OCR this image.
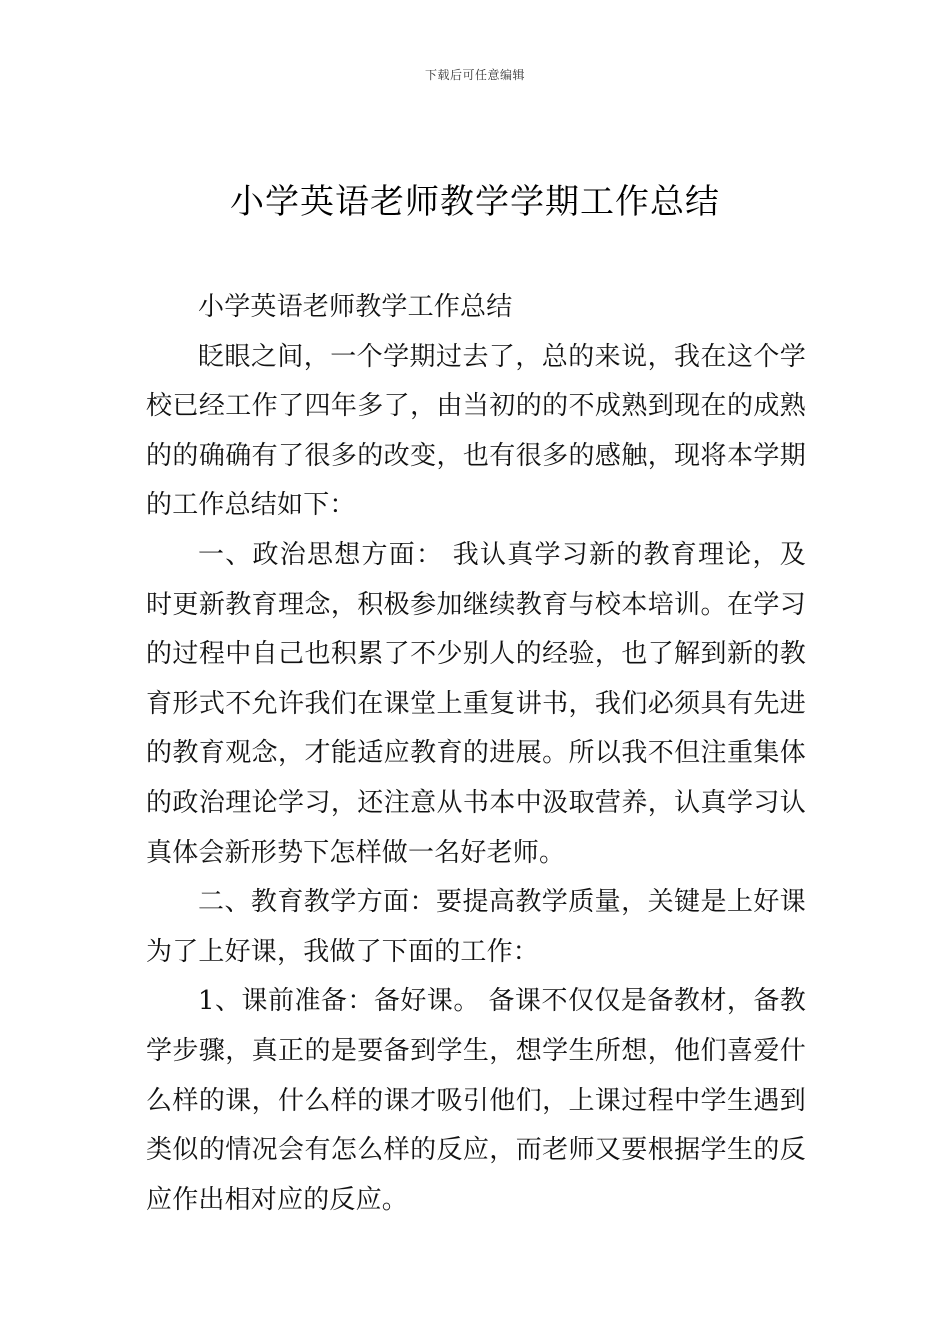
下载后可任意编辑
小学英语老师教学学期工作总结

小学英语老师教学工作总结

眨眼之间，一个学期过去了，总的来说，我在这个学校已经工作了四年多了，由当初的的不成熟到现在的成熟的的确确有了很多的改变，也有很多的感触，现将本学期的工作总结如下：

一、政治思想方面： 我认真学习新的教育理论，及时更新教育理念，积极参加继续教育与校本培训。在学习的过程中自己也积累了不少别人的经验，也了解到新的教育形式不允许我们在课堂上重复讲书，我们必须具有先进的教育观念，才能适应教育的进展。所以我不但注重集体的政治理论学习，还注意从书本中汲取营养，认真学习认真体会新形势下怎样做一名好老师。

二、教育教学方面：要提高教学质量，关键是上好课为了上好课，我做了下面的工作：

1、课前准备：备好课。 备课不仅仅是备教材，备教学步骤，真正的是要备到学生，想学生所想，他们喜爱什么样的课，什么样的课才吸引他们，上课过程中学生遇到类似的情况会有怎么样的反应，而老师又要根据学生的反应作出相对应的反应。
